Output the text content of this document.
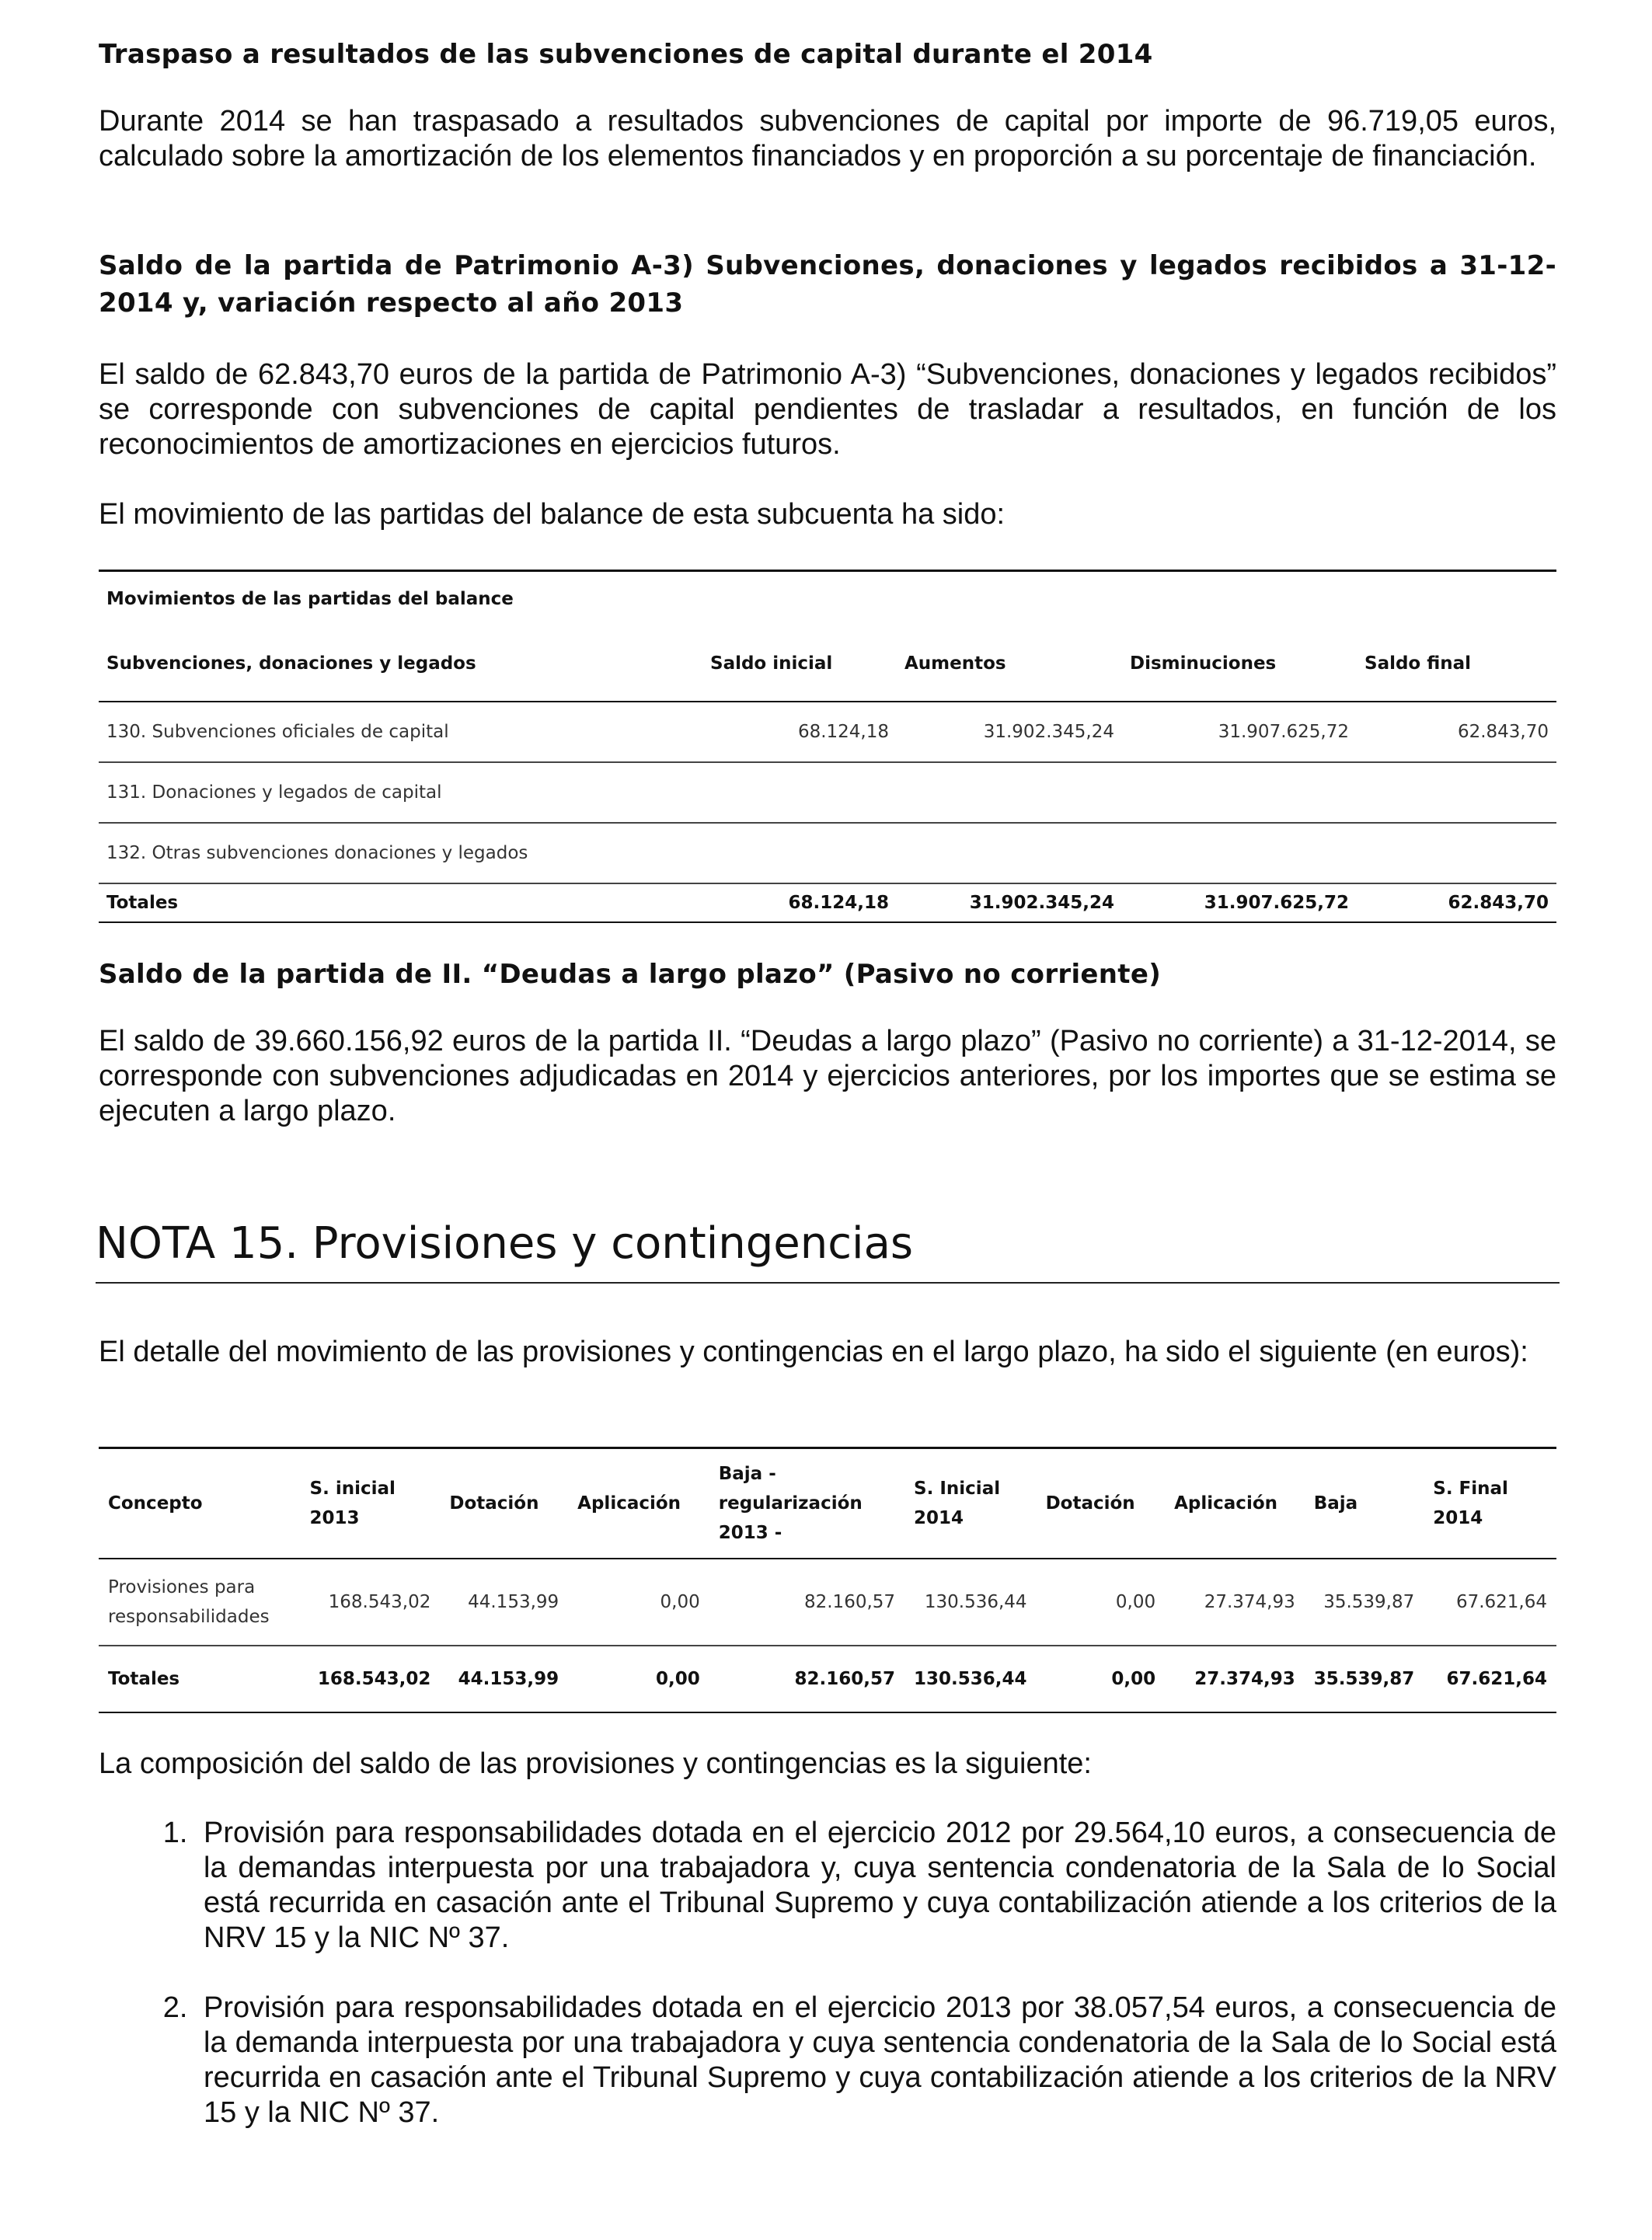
Traspaso a resultados de las subvenciones de capital durante el 2014

Durante 2014 se han traspasado a resultados subvenciones de capital por importe de 96.719,05 euros, calculado sobre la amortización de los elementos financiados y en proporción a su porcentaje de financiación.

Saldo de la partida de Patrimonio A-3) Subvenciones, donaciones y legados recibidos a 31-12-2014 y, variación respecto al año 2013

El saldo de 62.843,70 euros de la partida de Patrimonio A-3) “Subvenciones, donaciones y legados recibidos” se corresponde con subvenciones de capital pendientes de trasladar a resultados, en función de los reconocimientos de amortizaciones en ejercicios futuros.

El movimiento de las partidas del balance de esta subcuenta ha sido:

Movimientos de las partidas del balance				
Subvenciones, donaciones y legados	Saldo inicial	Aumentos	Disminuciones	Saldo final
130. Subvenciones oficiales de capital	68.124,18	31.902.345,24	31.907.625,72	62.843,70
131. Donaciones y legados de capital				
132. Otras subvenciones donaciones y legados				
Totales	68.124,18	31.902.345,24	31.907.625,72	62.843,70
Saldo de la partida de II. “Deudas a largo plazo” (Pasivo no corriente)

El saldo de 39.660.156,92 euros de la partida II. “Deudas a largo plazo” (Pasivo no corriente) a 31-12-2014, se corresponde con subvenciones adjudicadas en 2014 y ejercicios anteriores, por los importes que se estima se ejecuten a largo plazo.

NOTA 15. Provisiones y contingencias

El detalle del movimiento de las provisiones y contingencias en el largo plazo, ha sido el siguiente (en euros):

Concepto	S. inicial 2013	Dotación	Aplicación	Baja - regularización 2013 -	S. Inicial 2014	Dotación	Aplicación	Baja	S. Final 2014
Provisiones para responsabilidades	168.543,02	44.153,99	0,00	82.160,57	130.536,44	0,00	27.374,93	35.539,87	67.621,64
Totales	168.543,02	44.153,99	0,00	82.160,57	130.536,44	0,00	27.374,93	35.539,87	67.621,64

La composición del saldo de las provisiones y contingencias es la siguiente:

1. Provisión para responsabilidades dotada en el ejercicio 2012 por 29.564,10 euros, a consecuencia de la demandas interpuesta por una trabajadora y, cuya sentencia condenatoria de la Sala de lo Social está recurrida en casación ante el Tribunal Supremo y cuya contabilización atiende a los criterios de la NRV 15 y la NIC Nº 37.
2. Provisión para responsabilidades dotada en el ejercicio 2013 por 38.057,54 euros, a consecuencia de la demanda interpuesta por una trabajadora y cuya sentencia condenatoria de la Sala de lo Social está recurrida en casación ante el Tribunal Supremo y cuya contabilización atiende a los criterios de la NRV 15 y la NIC Nº 37.
